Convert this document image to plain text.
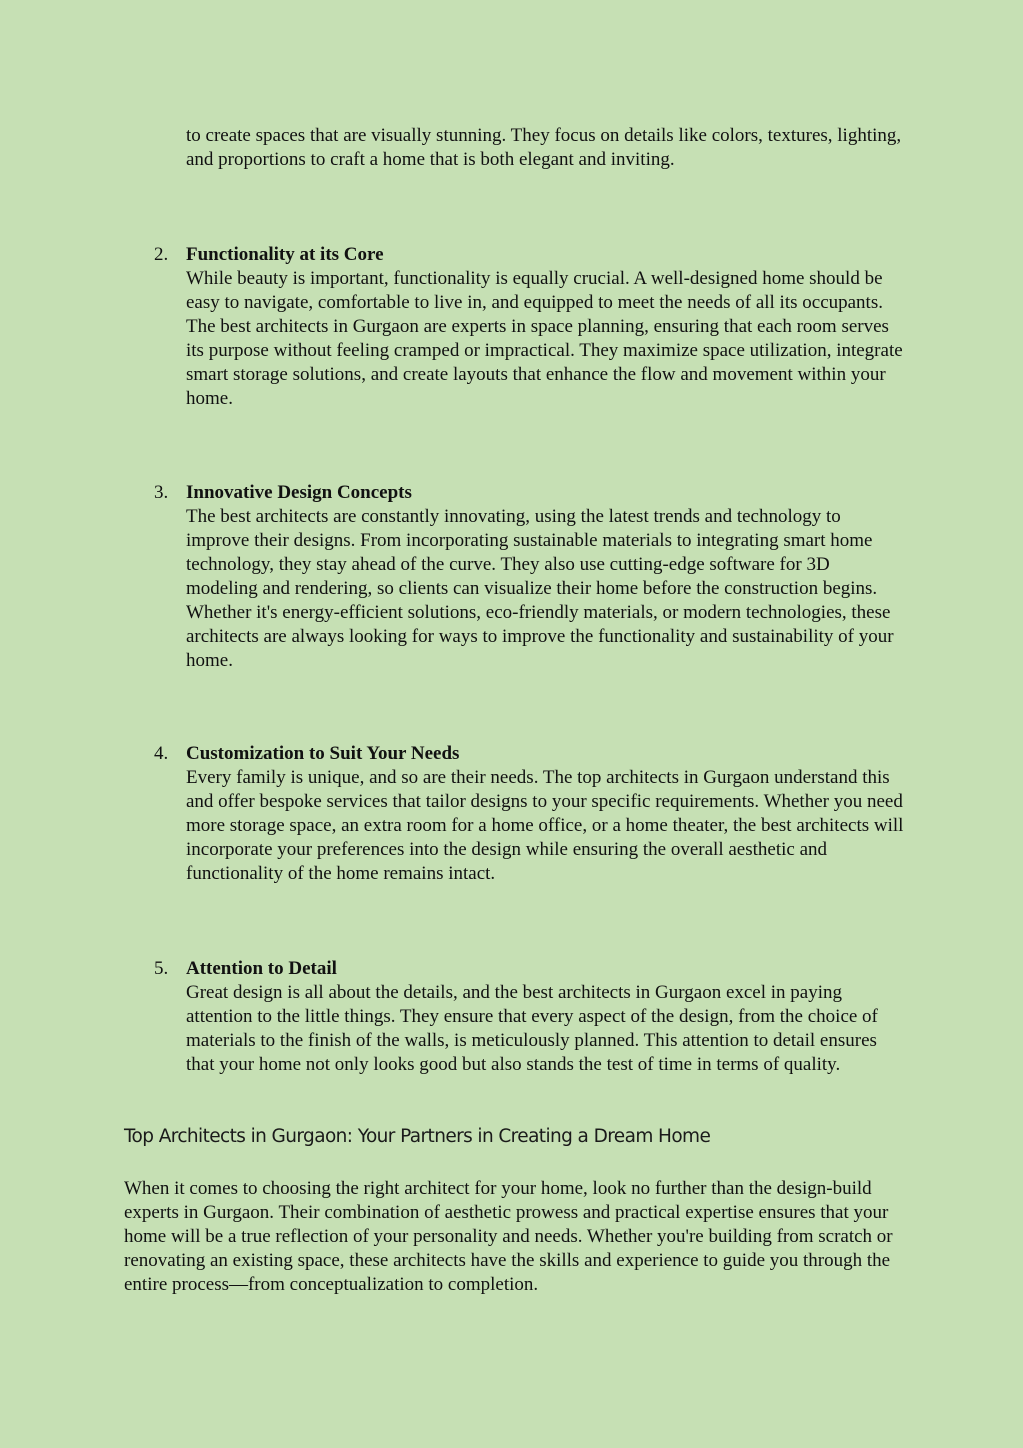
to create spaces that are visually stunning. They focus on details like colors, textures, lighting, and proportions to craft a home that is both elegant and inviting.

2. Functionality at its Core

While beauty is important, functionality is equally crucial. A well-designed home should be easy to navigate, comfortable to live in, and equipped to meet the needs of all its occupants. The best architects in Gurgaon are experts in space planning, ensuring that each room serves its purpose without feeling cramped or impractical. They maximize space utilization, integrate smart storage solutions, and create layouts that enhance the flow and movement within your home.

3. Innovative Design Concepts

The best architects are constantly innovating, using the latest trends and technology to improve their designs. From incorporating sustainable materials to integrating smart home technology, they stay ahead of the curve. They also use cutting-edge software for 3D modeling and rendering, so clients can visualize their home before the construction begins. Whether it's energy-efficient solutions, eco-friendly materials, or modern technologies, these architects are always looking for ways to improve the functionality and sustainability of your home.

4. Customization to Suit Your Needs

Every family is unique, and so are their needs. The top architects in Gurgaon understand this and offer bespoke services that tailor designs to your specific requirements. Whether you need more storage space, an extra room for a home office, or a home theater, the best architects will incorporate your preferences into the design while ensuring the overall aesthetic and functionality of the home remains intact.

5. Attention to Detail

Great design is all about the details, and the best architects in Gurgaon excel in paying attention to the little things. They ensure that every aspect of the design, from the choice of materials to the finish of the walls, is meticulously planned. This attention to detail ensures that your home not only looks good but also stands the test of time in terms of quality.

Top Architects in Gurgaon: Your Partners in Creating a Dream Home

When it comes to choosing the right architect for your home, look no further than the design-build experts in Gurgaon. Their combination of aesthetic prowess and practical expertise ensures that your home will be a true reflection of your personality and needs. Whether you're building from scratch or renovating an existing space, these architects have the skills and experience to guide you through the entire process—from conceptualization to completion.
